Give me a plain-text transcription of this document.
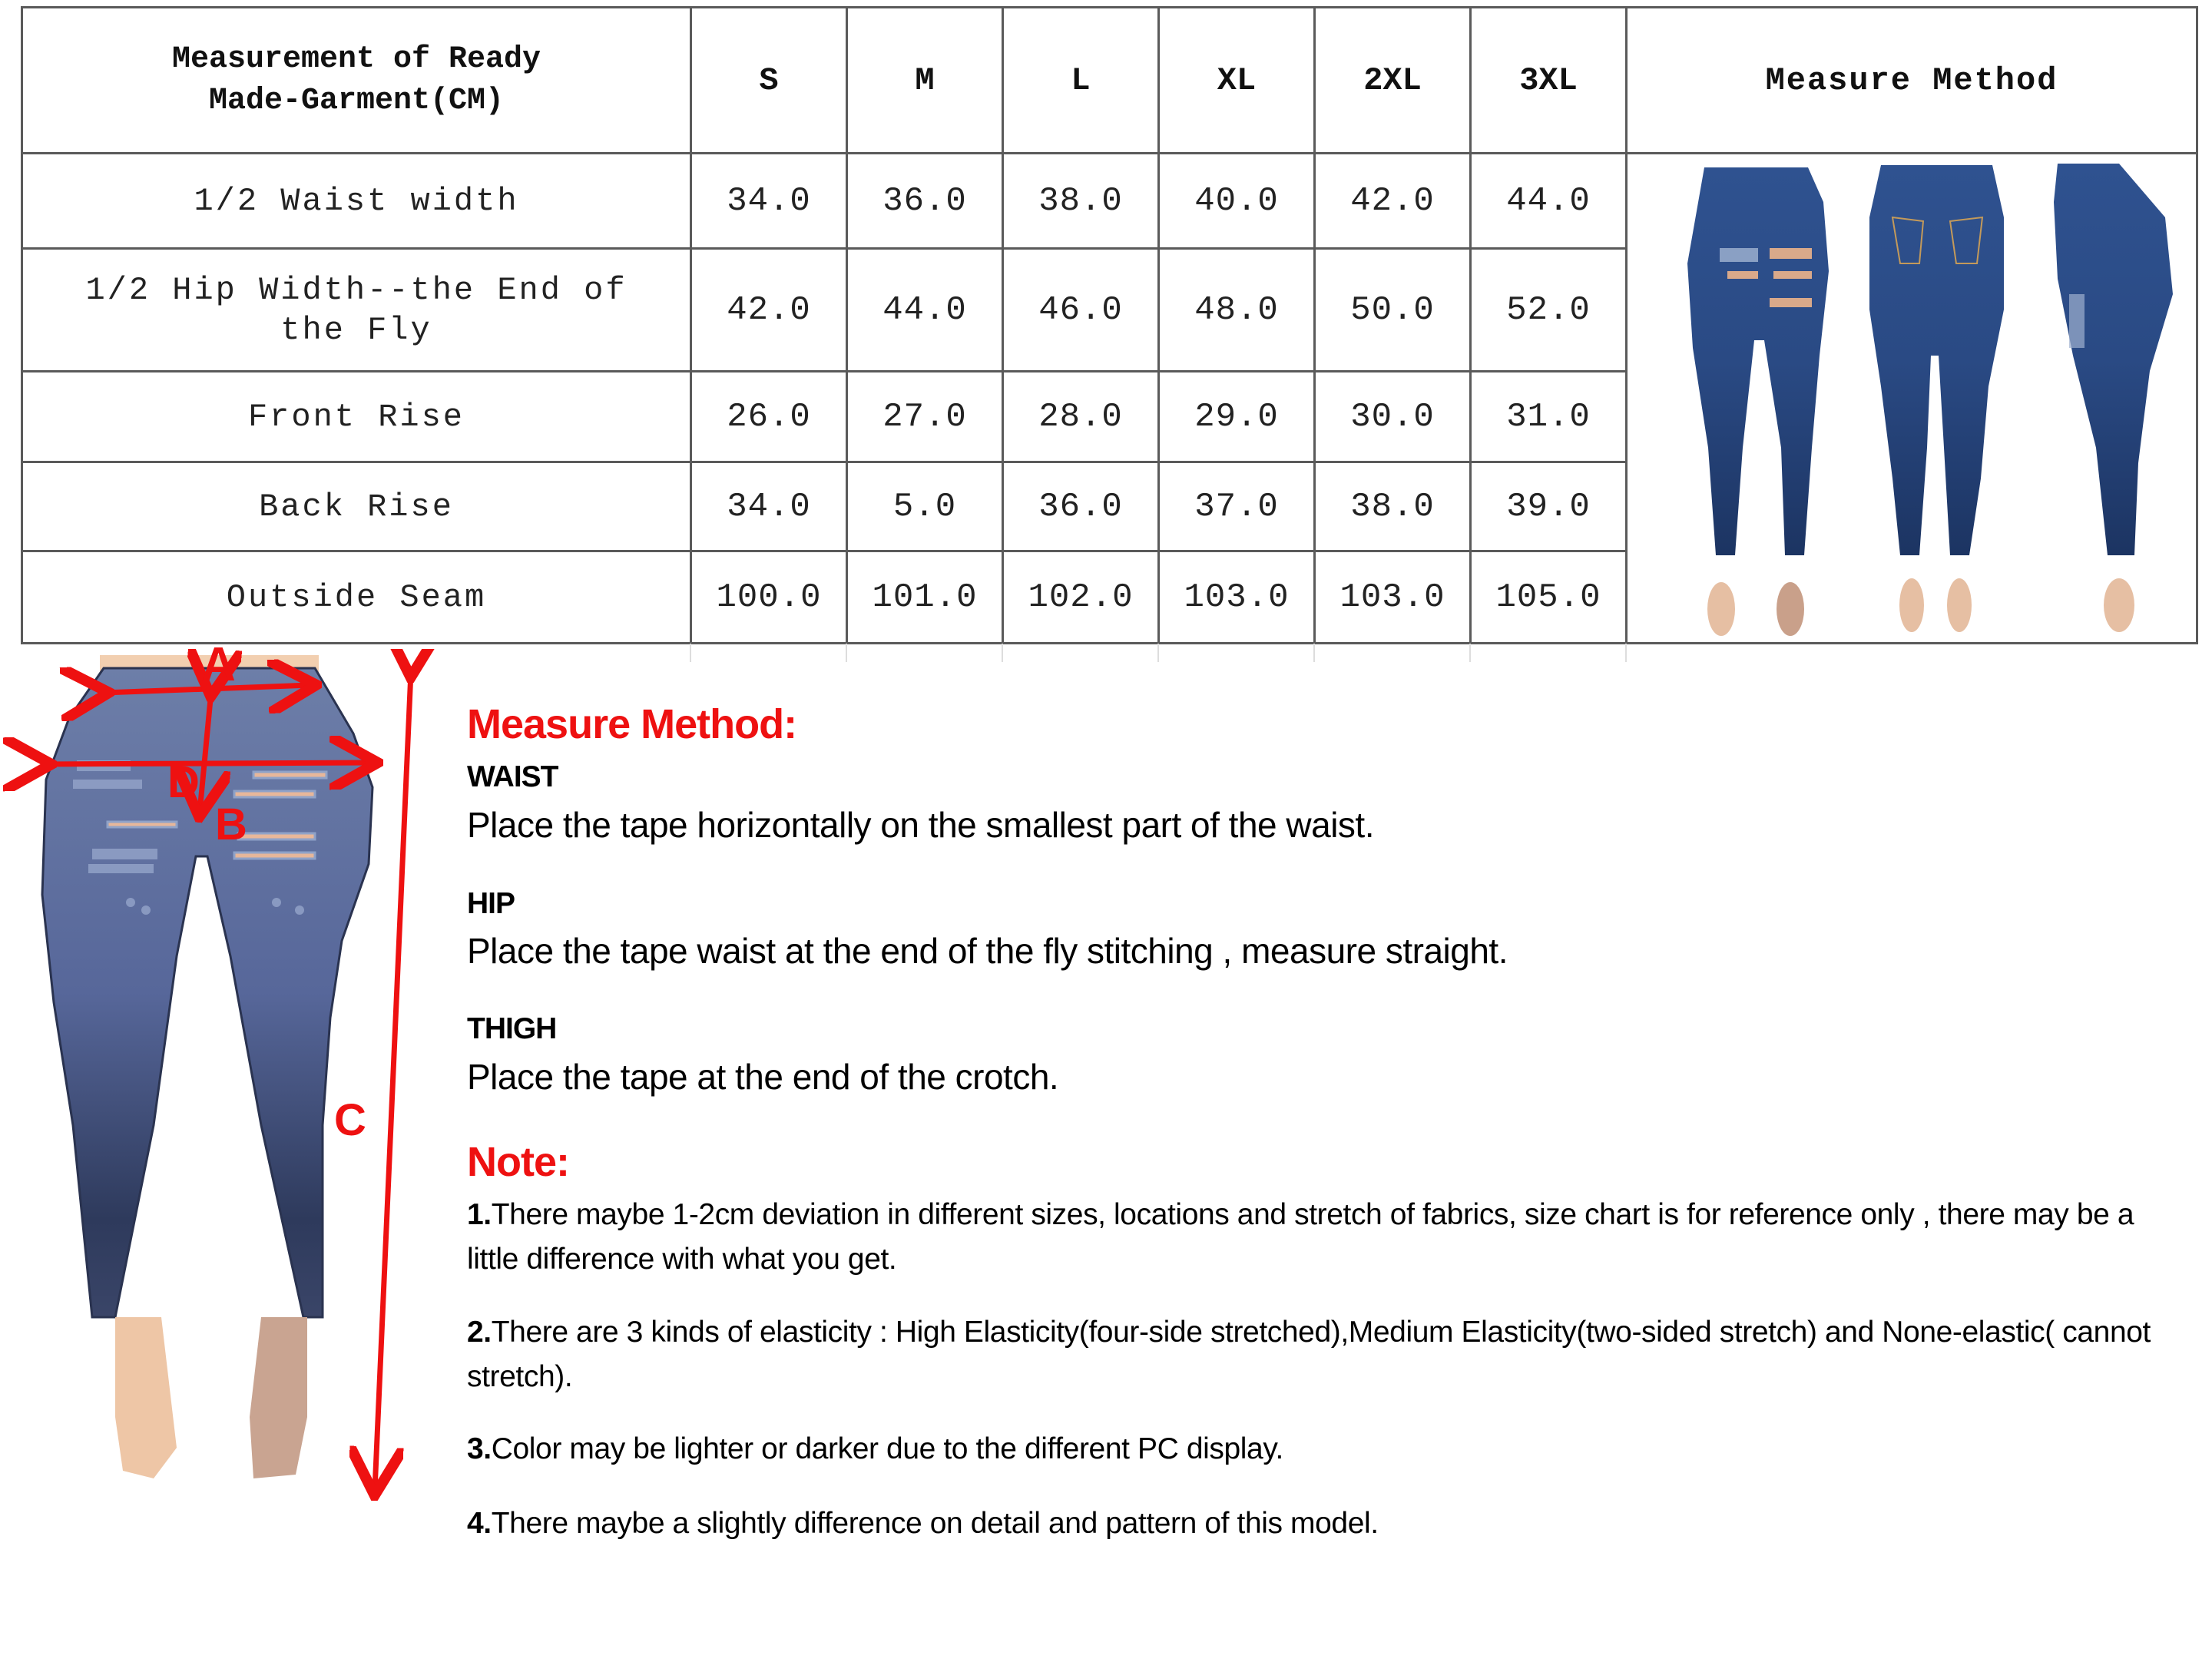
Measurement of Ready
Made-Garment(CM)	S	M	L	XL	2XL	3XL	Measure Method
1/2 Waist width	34.0	36.0	38.0	40.0	42.0	44.0	

1/2 Hip Width--the End of
the Fly	42.0	44.0	46.0	48.0	50.0	52.0	
Front Rise	26.0	27.0	28.0	29.0	30.0	31.0	
Back Rise	34.0	5.0	36.0	37.0	38.0	39.0	
Outside Seam	100.0	101.0	102.0	103.0	103.0	105.0	
A
D
B
C
Measure Method:
WAIST
Place the tape horizontally on the smallest part of the waist.
HIP
Place the tape waist at the end of the fly stitching , measure straight.
THIGH
Place the tape at the end of the crotch.
Note:
1.There maybe 1-2cm deviation in different sizes, locations and stretch of fabrics, size chart is for reference only , there may be a little difference with what you get.
2.There are 3 kinds of elasticity : High Elasticity(four-side stretched),Medium Elasticity(two-sided stretch) and None-elastic( cannot stretch).
3.Color may be lighter or darker due to the different PC display.
4.There maybe a slightly difference on detail and pattern of this model.
